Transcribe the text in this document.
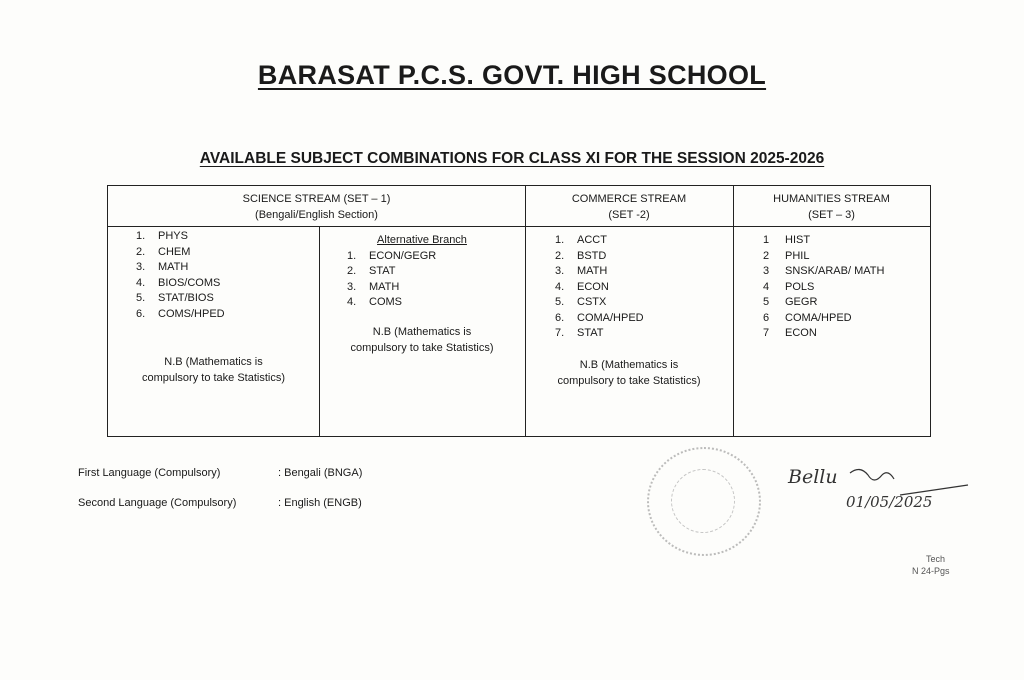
BARASAT P.C.S. GOVT. HIGH SCHOOL
AVAILABLE SUBJECT COMBINATIONS FOR CLASS XI FOR THE SESSION 2025-2026
SCIENCE STREAM (SET – 1)
(Bengali/English Section)
COMMERCE STREAM
(SET -2)
HUMANITIES STREAM
(SET – 3)
1. PHYS
2. CHEM
3. MATH
4. BIOS/COMS
5. STAT/BIOS
6. COMS/HPED
N.B (Mathematics is
compulsory to take Statistics)
Alternative Branch
1. ECON/GEGR
2. STAT
3. MATH
4. COMS
N.B (Mathematics is
compulsory to take Statistics)
1. ACCT
2. BSTD
3. MATH
4. ECON
5. CSTX
6. COMA/HPED
7. STAT
N.B (Mathematics is
compulsory to take Statistics)
1 HIST
2 PHIL
3 SNSK/ARAB/ MATH
4 POLS
5 GEGR
6 COMA/HPED
7 ECON
First Language (Compulsory)	: Bengali (BNGA)
Second Language (Compulsory)	: English (ENGB)
Bellu
01/05/2025
Tech
N 24-Pgs
